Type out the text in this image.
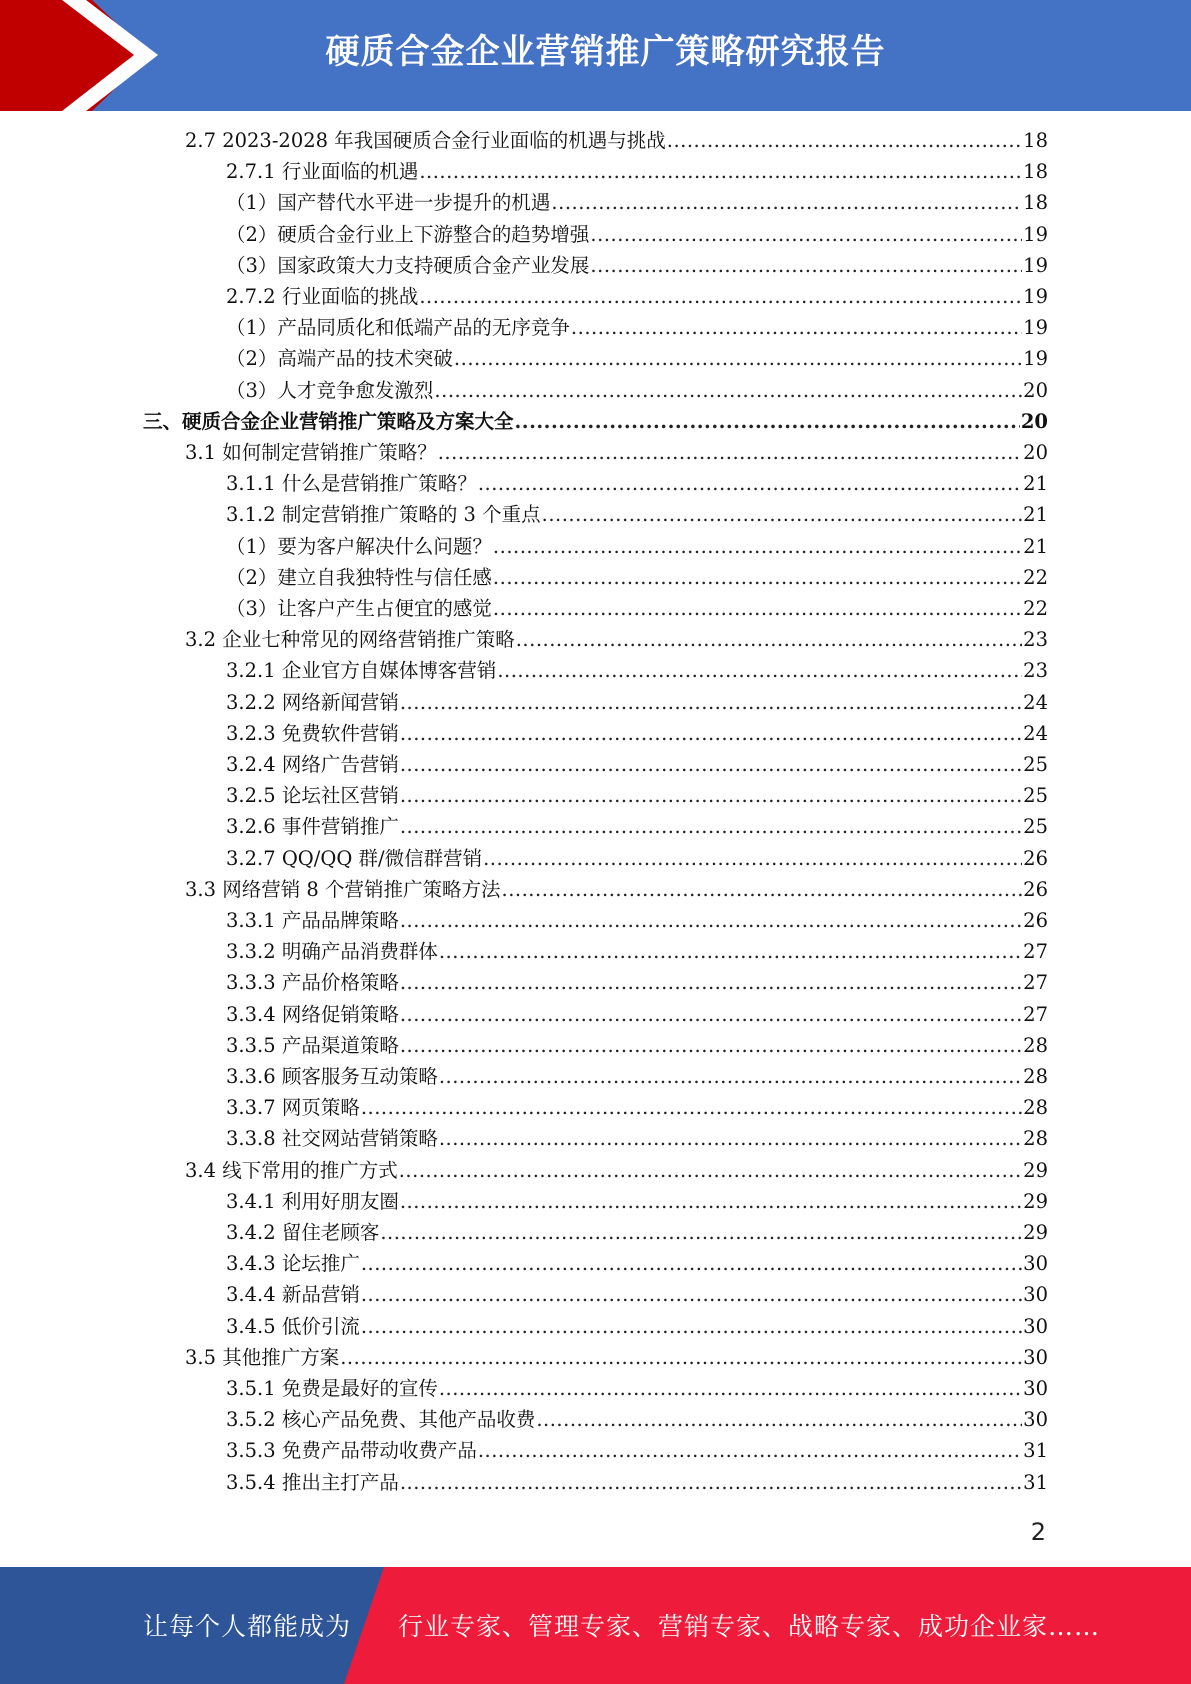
硬质合金企业营销推广策略研究报告
2.7 2023-2028 年我国硬质合金行业面临的机遇与挑战 .....	18
2.7.1 行业面临的机遇 .....	18
（1）国产替代水平进一步提升的机遇 .....	18
（2）硬质合金行业上下游整合的趋势增强 .....	19
（3）国家政策大力支持硬质合金产业发展 .....	19
2.7.2 行业面临的挑战 .....	19
（1）产品同质化和低端产品的无序竞争 .....	19
（2）高端产品的技术突破 .....	19
（3）人才竞争愈发激烈 .....	20
三、硬质合金企业营销推广策略及方案大全 .....	20
3.1 如何制定营销推广策略？ .....	20
3.1.1 什么是营销推广策略？ .....	21
3.1.2 制定营销推广策略的 3 个重点 .....	21
（1）要为客户解决什么问题？ .....	21
（2）建立自我独特性与信任感 .....	22
（3）让客户产生占便宜的感觉 .....	22
3.2 企业七种常见的网络营销推广策略 .....	23
3.2.1 企业官方自媒体博客营销 .....	23
3.2.2 网络新闻营销 .....	24
3.2.3 免费软件营销 .....	24
3.2.4 网络广告营销 .....	25
3.2.5 论坛社区营销 .....	25
3.2.6 事件营销推广 .....	25
3.2.7 QQ/QQ 群/微信群营销 .....	26
3.3 网络营销 8 个营销推广策略方法 .....	26
3.3.1 产品品牌策略 .....	26
3.3.2 明确产品消费群体 .....	27
3.3.3 产品价格策略 .....	27
3.3.4 网络促销策略 .....	27
3.3.5 产品渠道策略 .....	28
3.3.6 顾客服务互动策略 .....	28
3.3.7 网页策略 .....	28
3.3.8 社交网站营销策略 .....	28
3.4 线下常用的推广方式 .....	29
3.4.1 利用好朋友圈 .....	29
3.4.2 留住老顾客 .....	29
3.4.3 论坛推广 .....	30
3.4.4 新品营销 .....	30
3.4.5 低价引流 .....	30
3.5 其他推广方案 .....	30
3.5.1 免费是最好的宣传 .....	30
3.5.2 核心产品免费、其他产品收费 .....	30
3.5.3 免费产品带动收费产品 .....	31
3.5.4 推出主打产品 .....	31
2
让每个人都能成为 行业专家、管理专家、营销专家、战略专家、成功企业家……
